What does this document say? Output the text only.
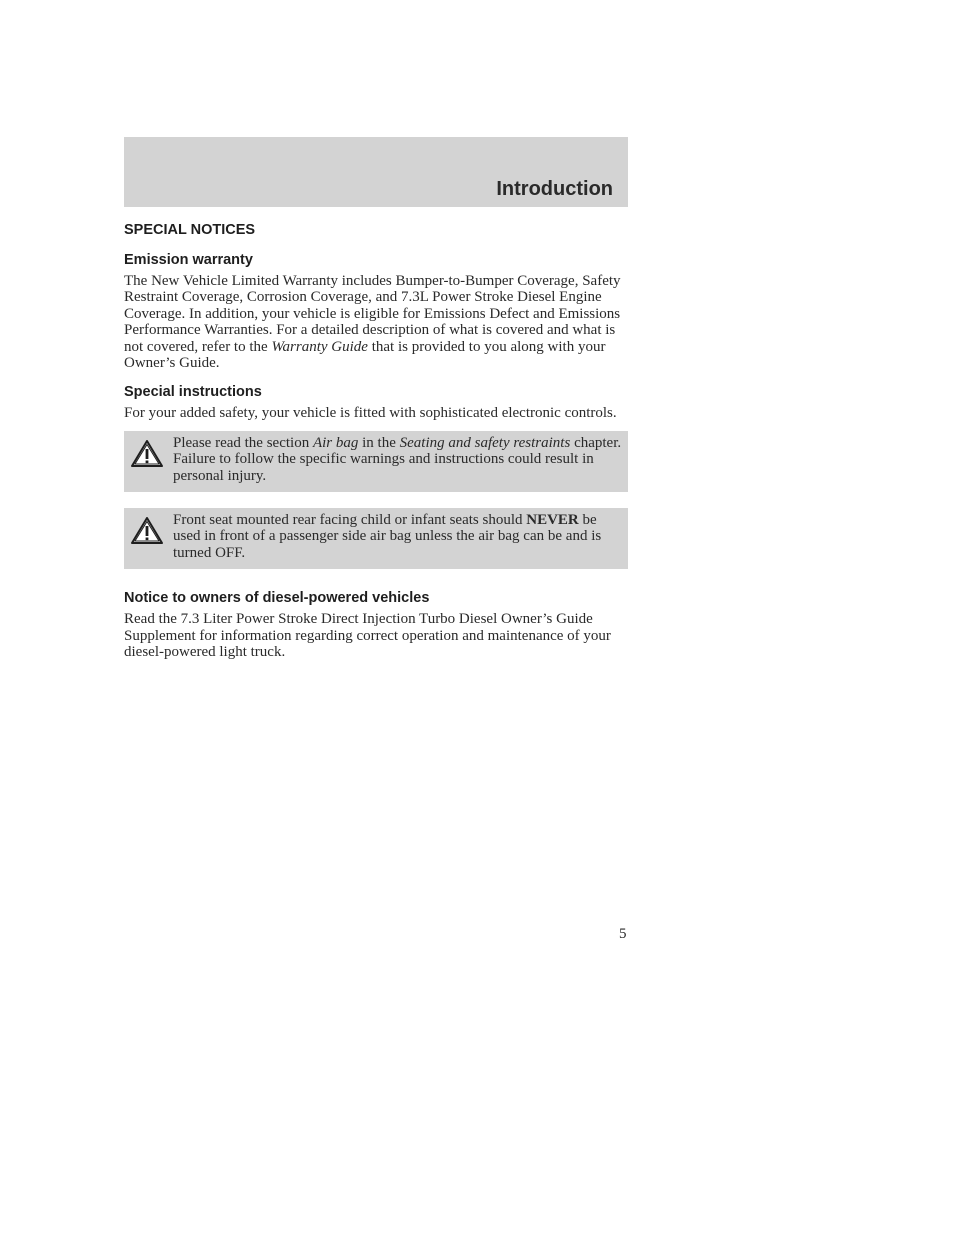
Introduction
SPECIAL NOTICES
Emission warranty

The New Vehicle Limited Warranty includes Bumper-to-Bumper Coverage, Safety Restraint Coverage, Corrosion Coverage, and 7.3L Power Stroke Diesel Engine Coverage. In addition, your vehicle is eligible for Emissions Defect and Emissions Performance Warranties. For a detailed description of what is covered and what is not covered, refer to the Warranty Guide that is provided to you along with your Owner’s Guide.

Special instructions

For your added safety, your vehicle is fitted with sophisticated electronic controls.

Please read the section Air bag in the Seating and safety restraints chapter. Failure to follow the specific warnings and instructions could result in personal injury.

Front seat mounted rear facing child or infant seats should NEVER be used in front of a passenger side air bag unless the air bag can be and is turned OFF.

Notice to owners of diesel-powered vehicles

Read the 7.3 Liter Power Stroke Direct Injection Turbo Diesel Owner’s Guide Supplement for information regarding correct operation and maintenance of your diesel-powered light truck.

5
